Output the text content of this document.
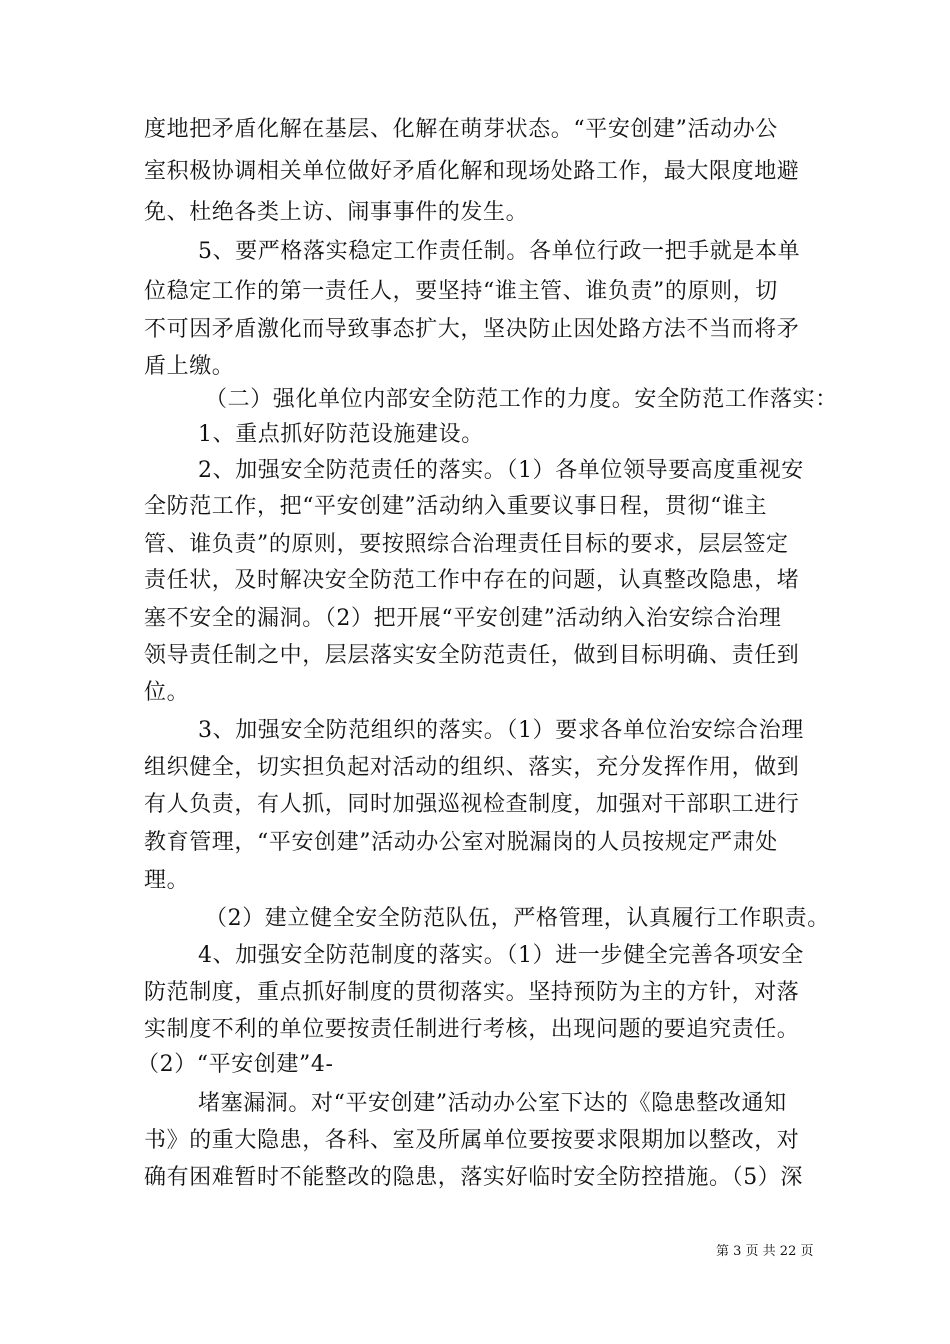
度地把矛盾化解在基层、化解在萌芽状态。“平安创建”活动办公
室积极协调相关单位做好矛盾化解和现场处路工作，最大限度地避
免、杜绝各类上访、闹事事件的发生。
5、要严格落实稳定工作责任制。各单位行政一把手就是本单
位稳定工作的第一责任人，要坚持“谁主管、谁负责”的原则，切
不可因矛盾激化而导致事态扩大，坚决防止因处路方法不当而将矛
盾上缴。
（二）强化单位内部安全防范工作的力度。安全防范工作落实：
1、重点抓好防范设施建设。
2、加强安全防范责任的落实。（1）各单位领导要高度重视安
全防范工作，把“平安创建”活动纳入重要议事日程，贯彻“谁主
管、谁负责”的原则，要按照综合治理责任目标的要求，层层签定
责任状，及时解决安全防范工作中存在的问题，认真整改隐患，堵
塞不安全的漏洞。（2）把开展“平安创建”活动纳入治安综合治理
领导责任制之中，层层落实安全防范责任，做到目标明确、责任到
位。
3、加强安全防范组织的落实。（1）要求各单位治安综合治理
组织健全，切实担负起对活动的组织、落实，充分发挥作用，做到
有人负责，有人抓，同时加强巡视检查制度，加强对干部职工进行
教育管理，“平安创建”活动办公室对脱漏岗的人员按规定严肃处
理。
（2）建立健全安全防范队伍，严格管理，认真履行工作职责。
4、加强安全防范制度的落实。（1）进一步健全完善各项安全
防范制度，重点抓好制度的贯彻落实。坚持预防为主的方针，对落
实制度不利的单位要按责任制进行考核，出现问题的要追究责任。
（2）“平安创建”4-
堵塞漏洞。对“平安创建”活动办公室下达的《隐患整改通知
书》的重大隐患，各科、室及所属单位要按要求限期加以整改，对
确有困难暂时不能整改的隐患，落实好临时安全防控措施。（5）深
第 3 页 共 22 页
